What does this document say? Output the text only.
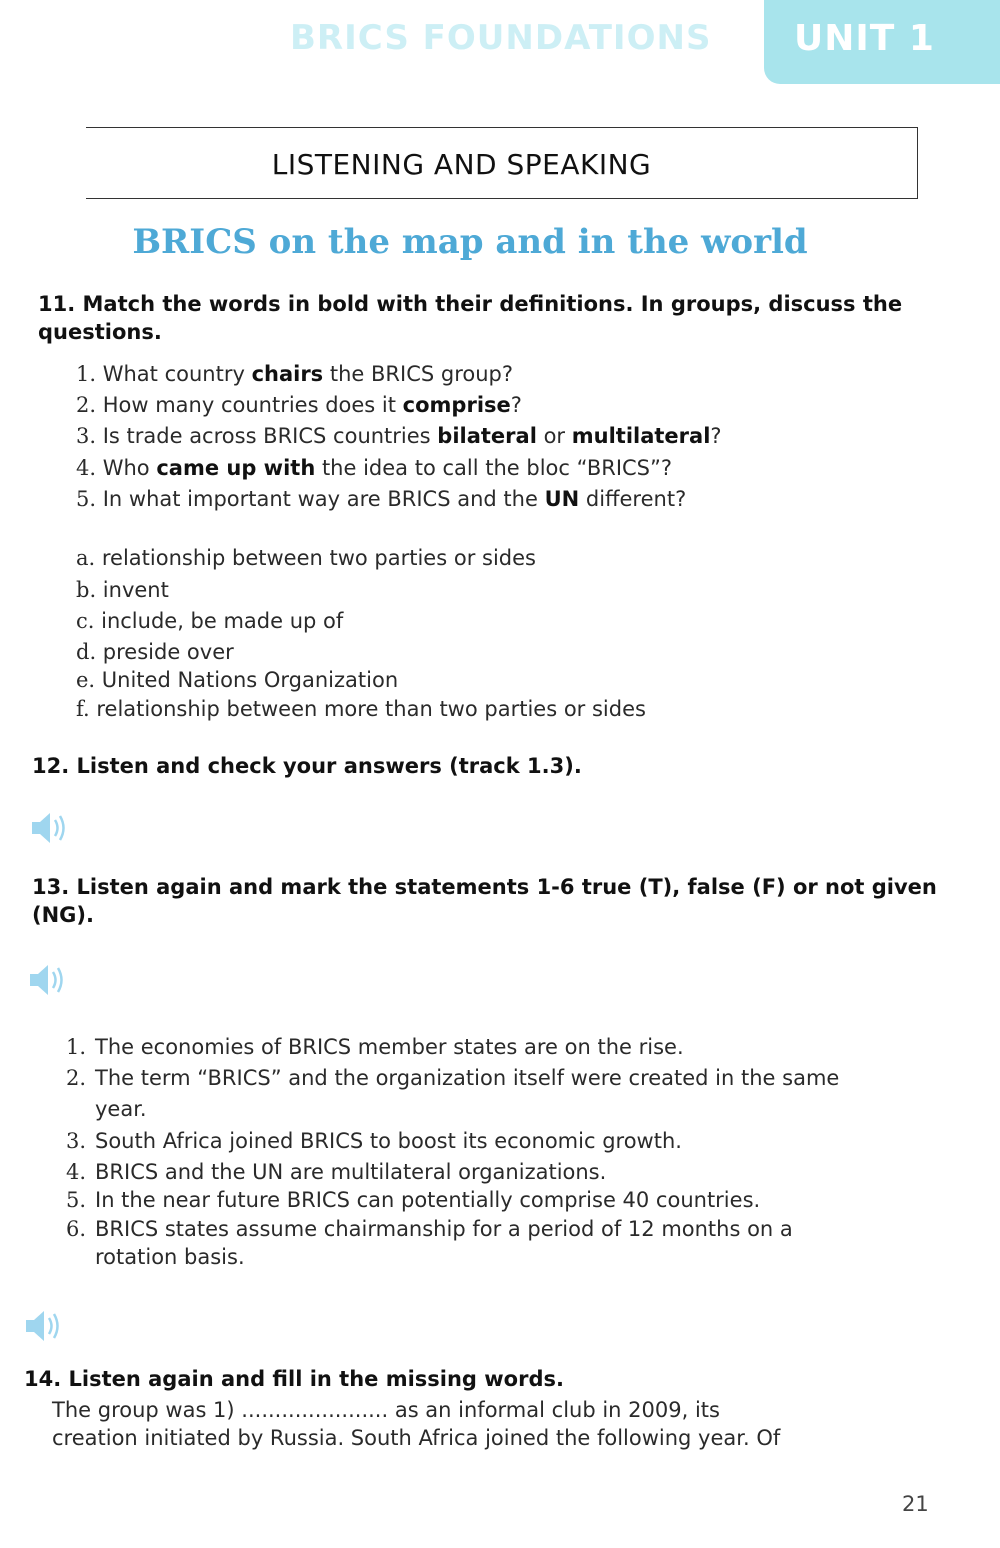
BRICS FOUNDATIONS UNIT 1
LISTENING AND SPEAKING
BRICS on the map and in the world
11. Match the words in bold with their definitions. In groups, discuss the
questions.
1. What country chairs the BRICS group?
2. How many countries does it comprise?
3. Is trade across BRICS countries bilateral or multilateral?
4. Who came up with the idea to call the bloc “BRICS”?
5. In what important way are BRICS and the UN different?
a. relationship between two parties or sides
b. invent
c. include, be made up of
d. preside over
e. United Nations Organization
f. relationship between more than two parties or sides
12. Listen and check your answers (track 1.3).
13. Listen again and mark the statements 1-6 true (T), false (F) or not given
(NG).
1. The economies of BRICS member states are on the rise.
2. The term “BRICS” and the organization itself were created in the same
year.
3. South Africa joined BRICS to boost its economic growth.
4. BRICS and the UN are multilateral organizations.
5. In the near future BRICS can potentially comprise 40 countries.
6. BRICS states assume chairmanship for a period of 12 months on a
rotation basis.
14. Listen again and fill in the missing words.
The group was 1) ...................... as an informal club in 2009, its
creation initiated by Russia. South Africa joined the following year. Of
21
